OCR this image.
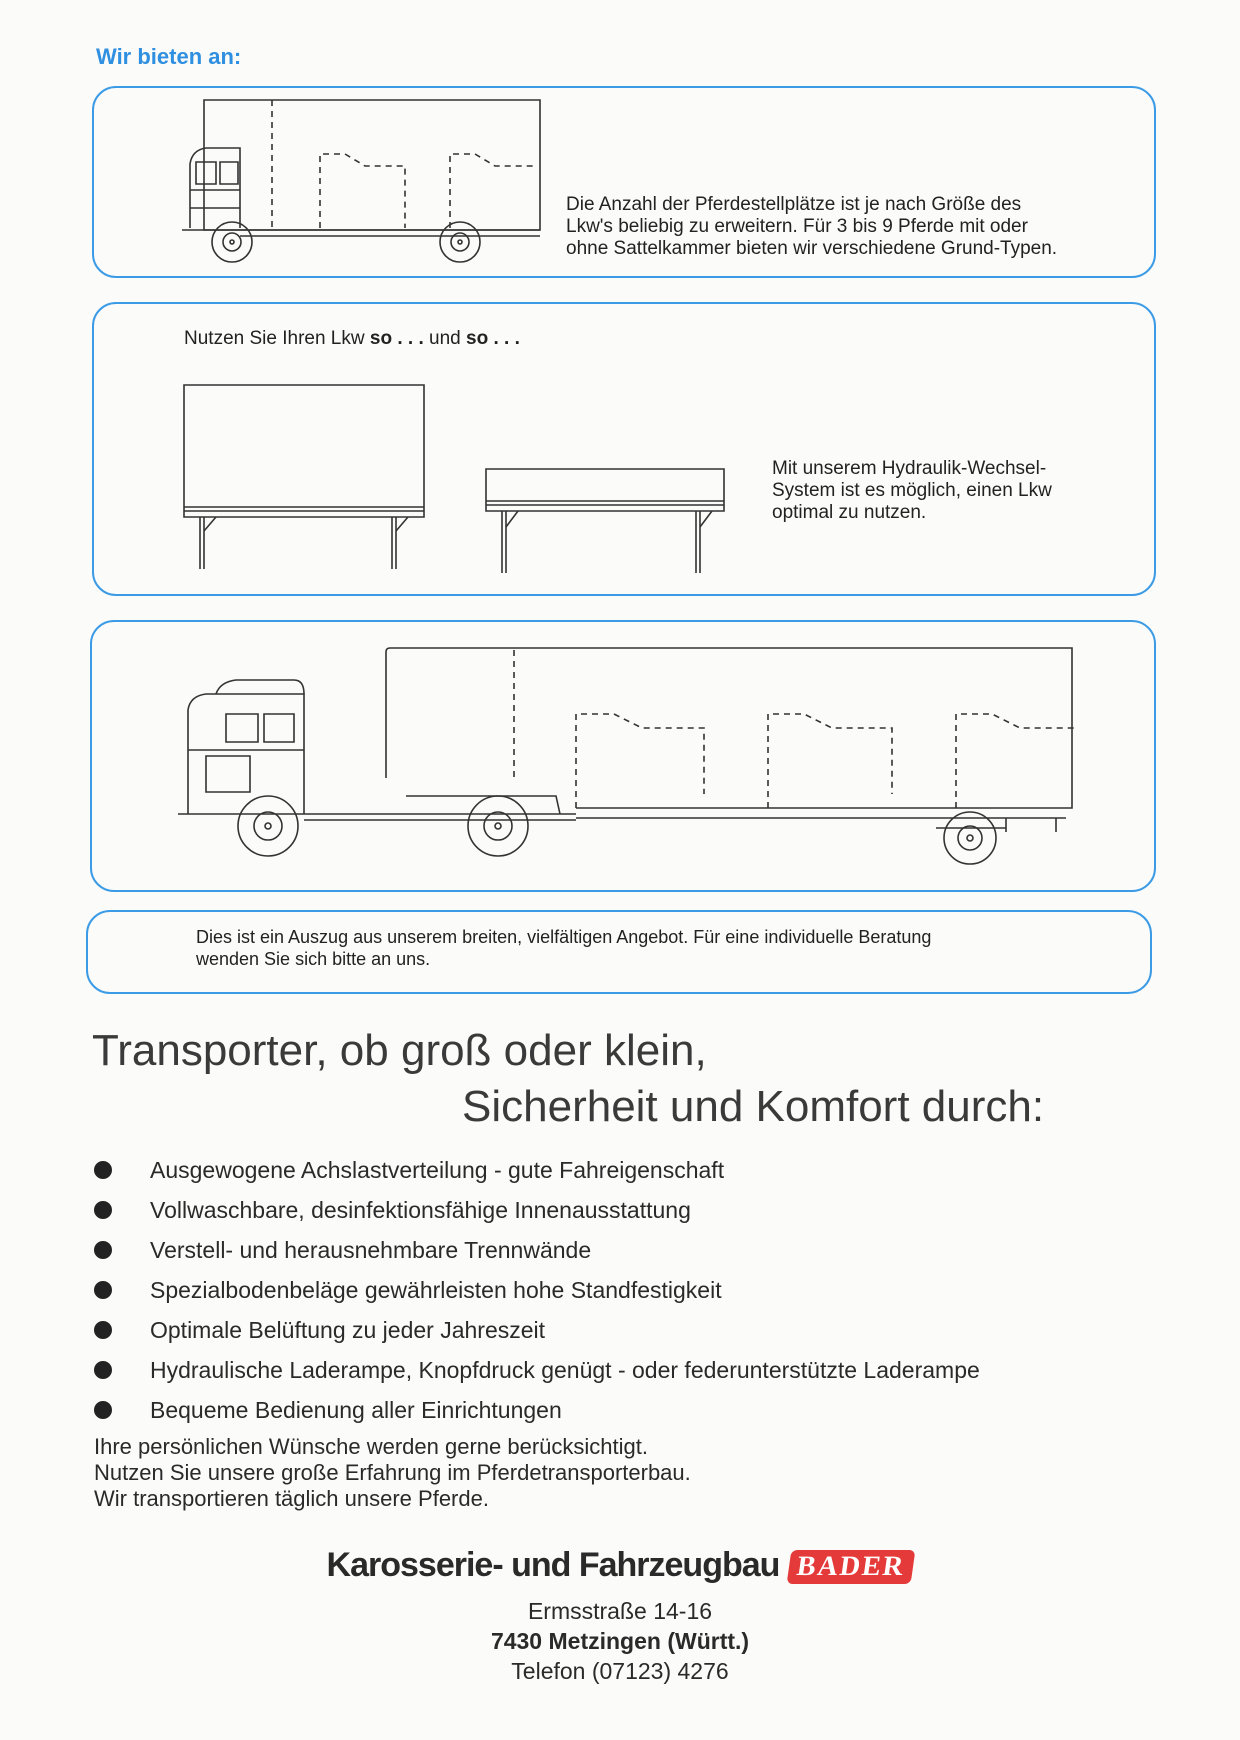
Wir bieten an:
Die Anzahl der Pferdestellplätze ist je nach Größe des
Lkw's beliebig zu erweitern. Für 3 bis 9 Pferde mit oder
ohne Sattelkammer bieten wir verschiedene Grund-Typen.
Nutzen Sie Ihren Lkw so . . . und so . . .
Mit unserem Hydraulik-Wechsel-
System ist es möglich, einen Lkw
optimal zu nutzen.
Dies ist ein Auszug aus unserem breiten, vielfältigen Angebot. Für eine individuelle Beratung
wenden Sie sich bitte an uns.
Transporter, ob groß oder klein,
Sicherheit und Komfort durch:
Ausgewogene Achslastverteilung - gute Fahreigenschaft
Vollwaschbare, desinfektionsfähige Innenausstattung
Verstell- und herausnehmbare Trennwände
Spezialbodenbeläge gewährleisten hohe Standfestigkeit
Optimale Belüftung zu jeder Jahreszeit
Hydraulische Laderampe, Knopfdruck genügt - oder federunterstützte Laderampe
Bequeme Bedienung aller Einrichtungen
Ihre persönlichen Wünsche werden gerne berücksichtigt.
Nutzen Sie unsere große Erfahrung im Pferdetransporterbau.
Wir transportieren täglich unsere Pferde.
Karosserie- und Fahrzeugbau BADER
Ermsstraße 14-16
7430 Metzingen (Württ.)
Telefon (07123) 4276
